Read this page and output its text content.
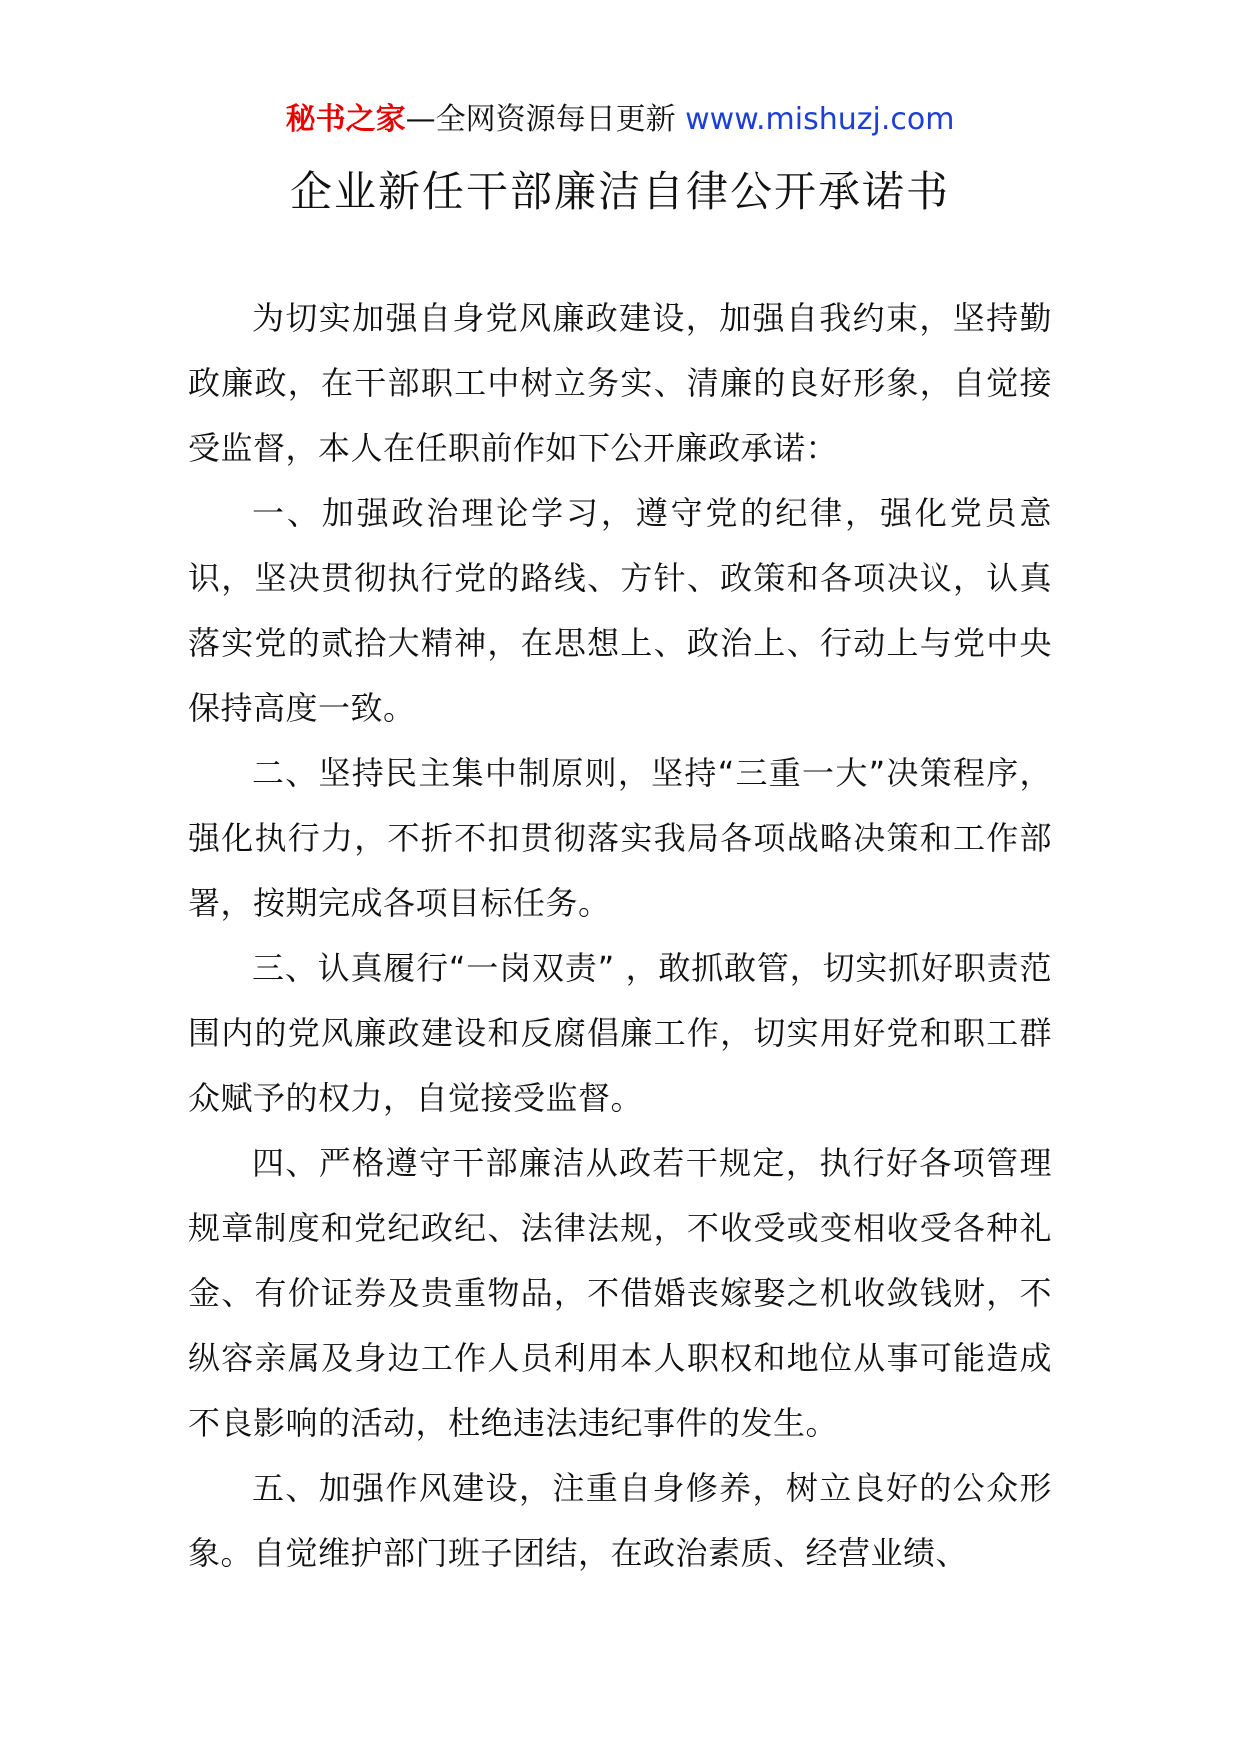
秘书之家—全网资源每日更新 www.mishuzj.com
企业新任干部廉洁自律公开承诺书

为切实加强自身党风廉政建设，加强自我约束，坚持勤政廉政，在干部职工中树立务实、清廉的良好形象，自觉接受监督，本人在任职前作如下公开廉政承诺：

一、加强政治理论学习，遵守党的纪律，强化党员意识，坚决贯彻执行党的路线、方针、政策和各项决议，认真落实党的贰拾大精神，在思想上、政治上、行动上与党中央保持高度一致。

二、坚持民主集中制原则，坚持“三重一大”决策程序，强化执行力，不折不扣贯彻落实我局各项战略决策和工作部署，按期完成各项目标任务。

三、认真履行“一岗双责” ，敢抓敢管，切实抓好职责范围内的党风廉政建设和反腐倡廉工作，切实用好党和职工群众赋予的权力，自觉接受监督。

四、严格遵守干部廉洁从政若干规定，执行好各项管理规章制度和党纪政纪、法律法规，不收受或变相收受各种礼金、有价证券及贵重物品，不借婚丧嫁娶之机收敛钱财，不纵容亲属及身边工作人员利用本人职权和地位从事可能造成不良影响的活动，杜绝违法违纪事件的发生。

五、加强作风建设，注重自身修养，树立良好的公众形象。自觉维护部门班子团结，在政治素质、经营业绩、
